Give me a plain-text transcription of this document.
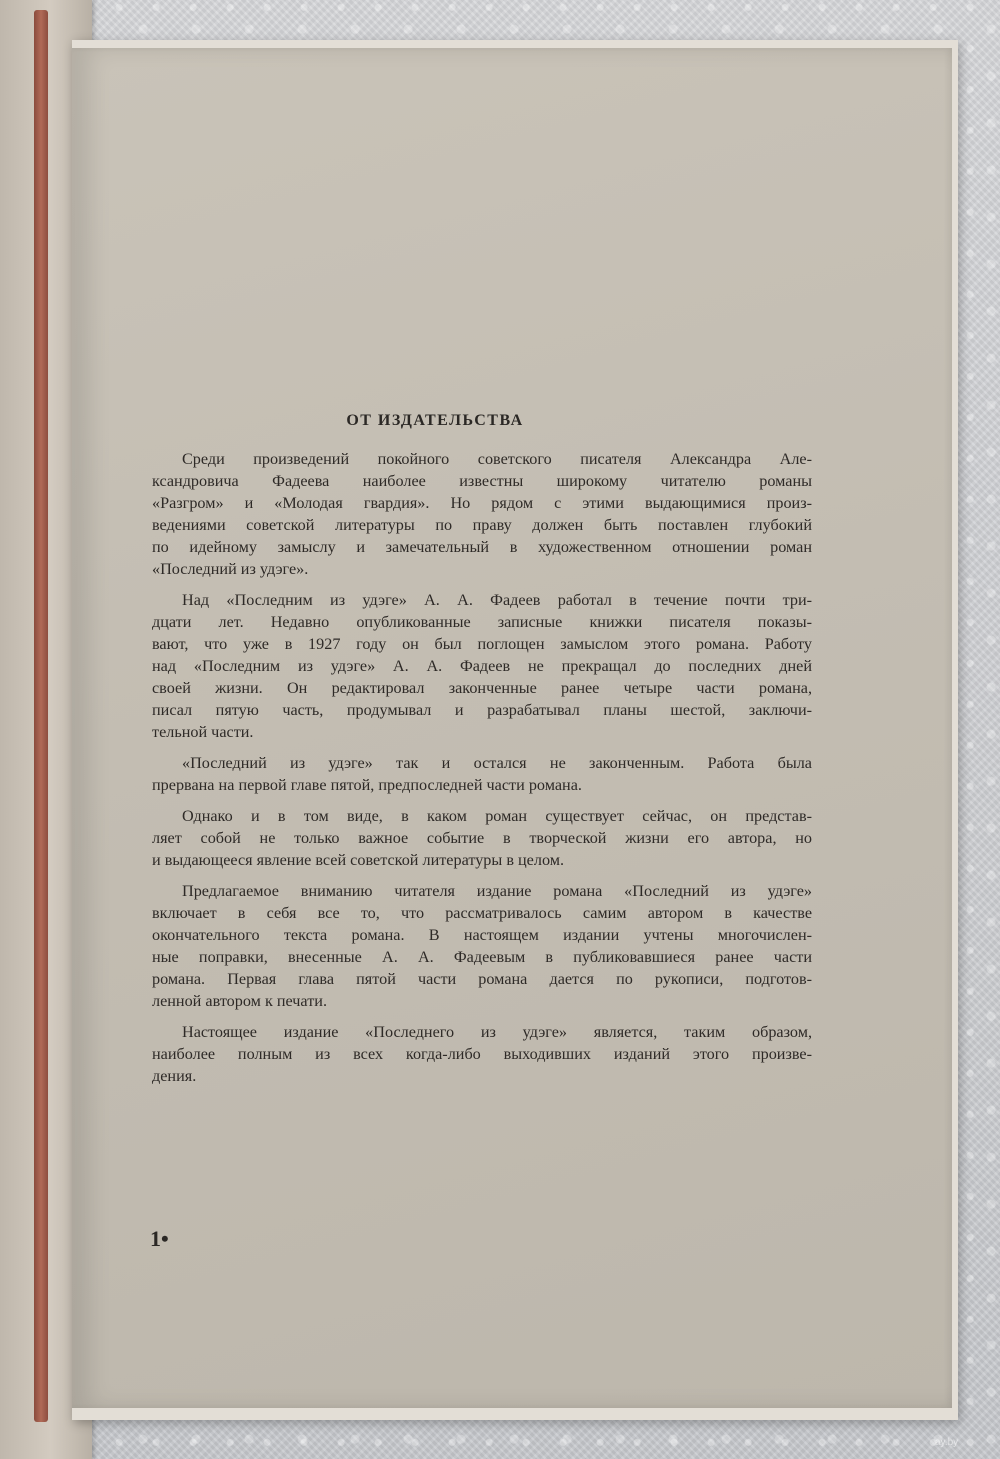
ОТ ИЗДАТЕЛЬСТВА

Среди произведений покойного советского писателя Александра Але-
ксандровича Фадеева наиболее известны широкому читателю романы
«Разгром» и «Молодая гвардия». Но рядом с этими выдающимися произ-
ведениями советской литературы по праву должен быть поставлен глубокий
по идейному замыслу и замечательный в художественном отношении роман
«Последний из удэге».

Над «Последним из удэге» А. А. Фадеев работал в течение почти три-
дцати лет. Недавно опубликованные записные книжки писателя показы-
вают, что уже в 1927 году он был поглощен замыслом этого романа. Работу
над «Последним из удэге» А. А. Фадеев не прекращал до последних дней
своей жизни. Он редактировал законченные ранее четыре части романа,
писал пятую часть, продумывал и разрабатывал планы шестой, заключи-
тельной части.

«Последний из удэге» так и остался не законченным. Работа была
прервана на первой главе пятой, предпоследней части романа.

Однако и в том виде, в каком роман существует сейчас, он представ-
ляет собой не только важное событие в творческой жизни его автора, но
и выдающееся явление всей советской литературы в целом.

Предлагаемое вниманию читателя издание романа «Последний из удэге»
включает в себя все то, что рассматривалось самим автором в качестве
окончательного текста романа. В настоящем издании учтены многочислен-
ные поправки, внесенные А. А. Фадеевым в публиковавшиеся ранее части
романа. Первая глава пятой части романа дается по рукописи, подготов-
ленной автором к печати.

Настоящее издание «Последнего из удэге» является, таким образом,
наиболее полным из всех когда-либо выходивших изданий этого произве-
дения.

1•
ay.by
